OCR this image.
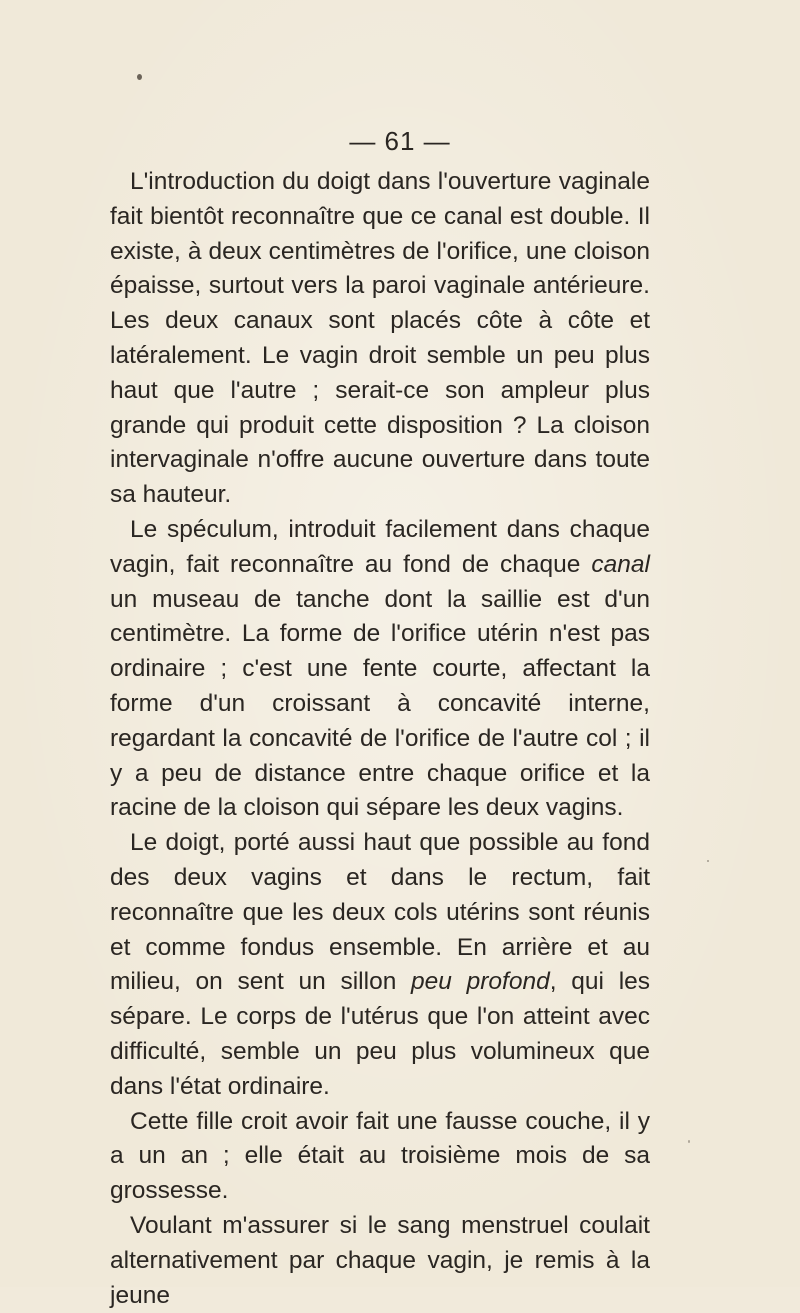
— 61 —

L'introduction du doigt dans l'ouverture vaginale fait bientôt reconnaître que ce canal est double. Il existe, à deux centimètres de l'orifice, une cloison épaisse, surtout vers la paroi vaginale antérieure. Les deux canaux sont placés côte à côte et latéralement. Le vagin droit semble un peu plus haut que l'autre ; serait-ce son ampleur plus grande qui produit cette disposition ? La cloison intervaginale n'offre aucune ouverture dans toute sa hauteur.

Le spéculum, introduit facilement dans chaque vagin, fait reconnaître au fond de chaque canal un museau de tanche dont la saillie est d'un centimètre. La forme de l'orifice utérin n'est pas ordinaire ; c'est une fente courte, affectant la forme d'un croissant à concavité interne, regardant la concavité de l'orifice de l'autre col ; il y a peu de distance entre chaque orifice et la racine de la cloison qui sépare les deux vagins.

Le doigt, porté aussi haut que possible au fond des deux vagins et dans le rectum, fait reconnaître que les deux cols utérins sont réunis et comme fondus ensemble. En arrière et au milieu, on sent un sillon peu profond, qui les sépare. Le corps de l'utérus que l'on atteint avec difficulté, semble un peu plus volumineux que dans l'état ordinaire.

Cette fille croit avoir fait une fausse couche, il y a un an ; elle était au troisième mois de sa grossesse.

Voulant m'assurer si le sang menstruel coulait alternativement par chaque vagin, je remis à la jeune
